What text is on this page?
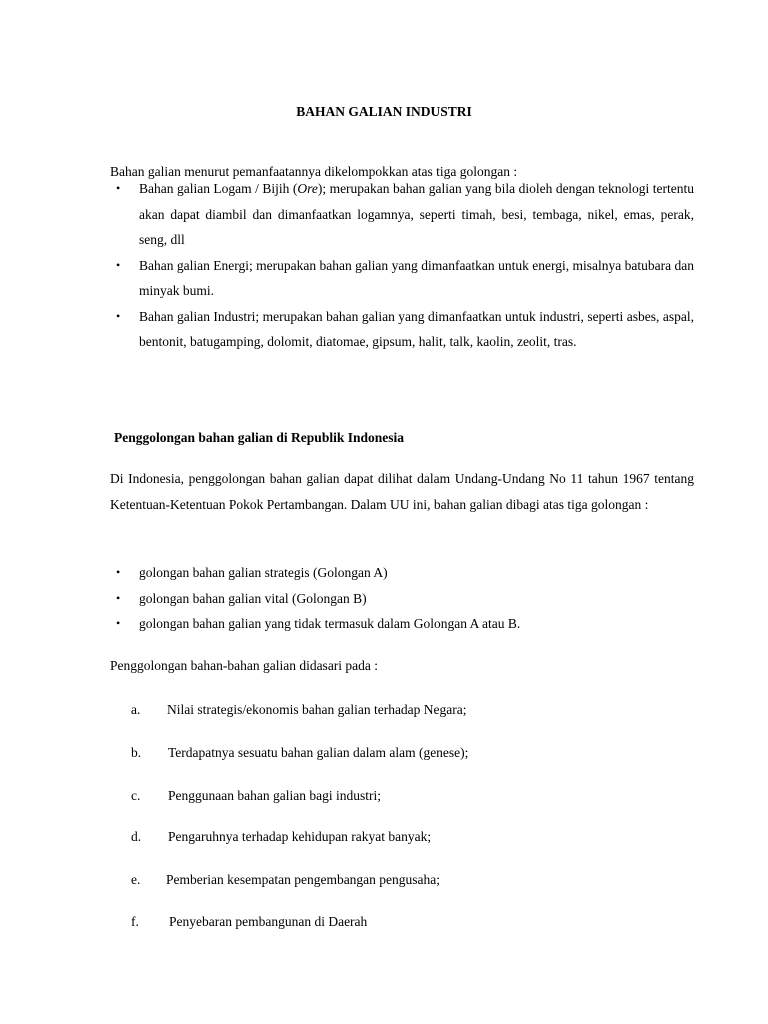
BAHAN GALIAN INDUSTRI

Bahan galian menurut pemanfaatannya dikelompokkan atas tiga golongan :

• Bahan galian Logam / Bijih (Ore); merupakan bahan galian yang bila dioleh dengan teknologi tertentu akan dapat diambil dan dimanfaatkan logamnya, seperti timah, besi, tembaga, nikel, emas, perak, seng, dll
• Bahan galian Energi; merupakan bahan galian yang dimanfaatkan untuk energi, misalnya batubara dan minyak bumi.
• Bahan galian Industri; merupakan bahan galian yang dimanfaatkan untuk industri, seperti asbes, aspal, bentonit, batugamping, dolomit, diatomae, gipsum, halit, talk, kaolin, zeolit, tras.

Penggolongan bahan galian di Republik Indonesia

Di Indonesia, penggolongan bahan galian dapat dilihat dalam Undang-Undang No 11 tahun 1967 tentang Ketentuan-Ketentuan Pokok Pertambangan. Dalam UU ini, bahan galian dibagi atas tiga golongan :

• golongan bahan galian strategis (Golongan A)
• golongan bahan galian vital (Golongan B)
• golongan bahan galian yang tidak termasuk dalam Golongan A atau B.

Penggolongan bahan-bahan galian didasari pada :

a. Nilai strategis/ekonomis bahan galian terhadap Negara;
b. Terdapatnya sesuatu bahan galian dalam alam (genese);
c. Penggunaan bahan galian bagi industri;
d. Pengaruhnya terhadap kehidupan rakyat banyak;
e. Pemberian kesempatan pengembangan pengusaha;
f. Penyebaran pembangunan di Daerah
